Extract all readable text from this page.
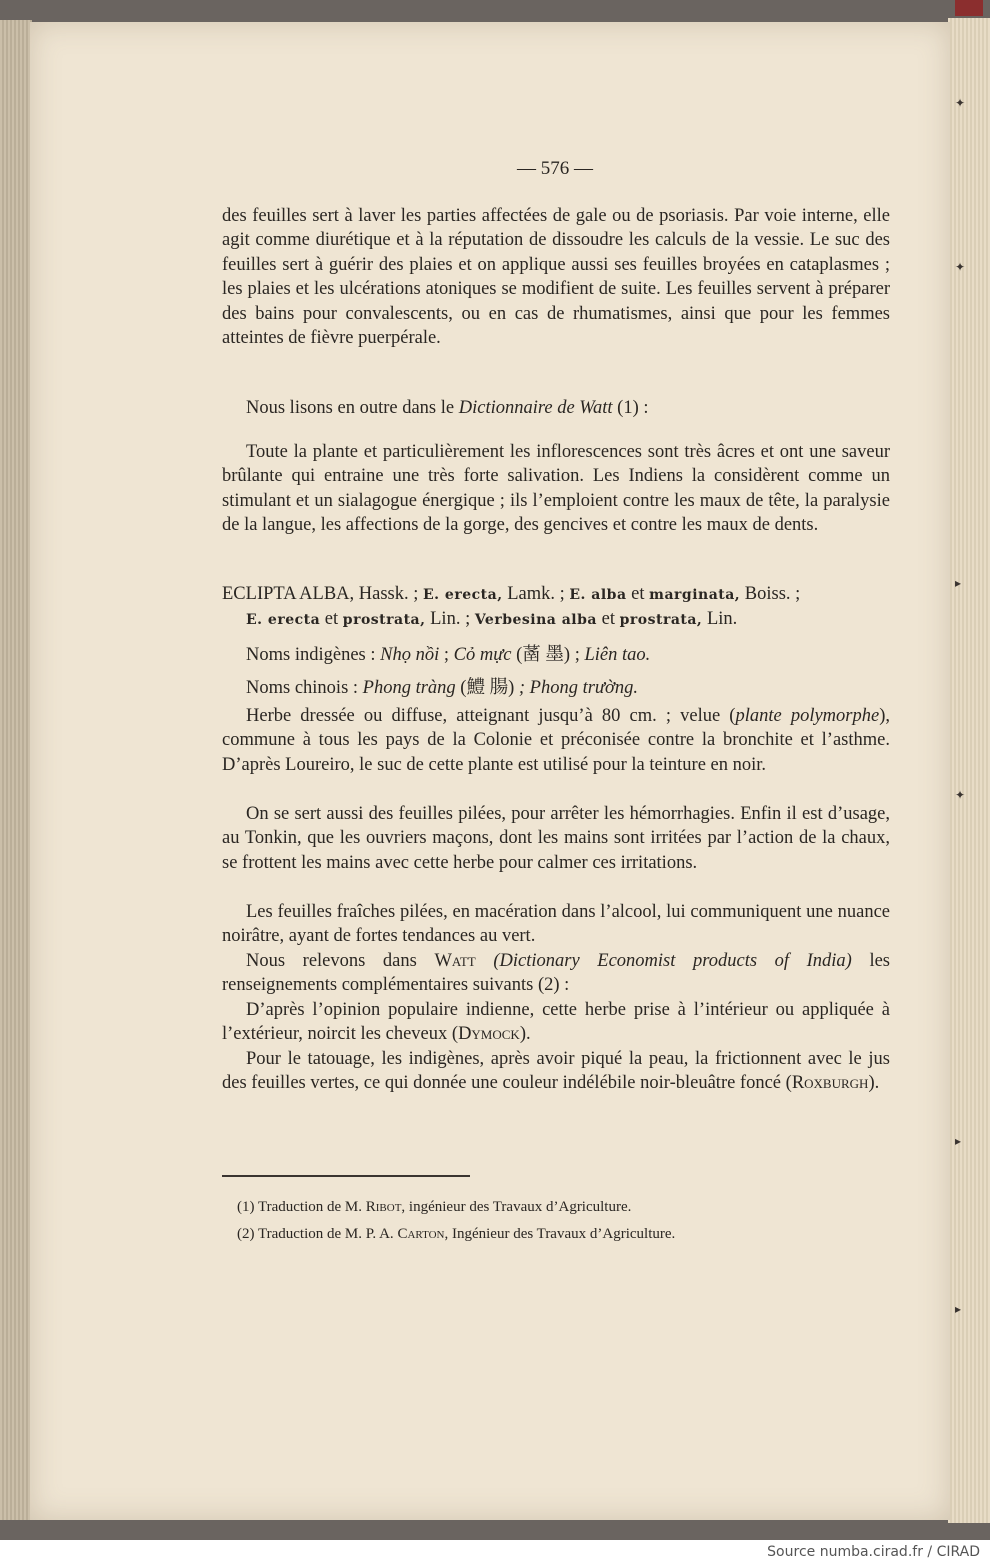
✦
✦
▸
✦
▸
▸
— 576 —

des feuilles sert à laver les parties affectées de gale ou de psoriasis. Par voie interne, elle agit comme diurétique et à la réputation de dissoudre les calculs de la vessie. Le suc des feuilles sert à guérir des plaies et on applique aussi ses feuilles broyées en cataplasmes ; les plaies et les ulcérations atoniques se modifient de suite. Les feuilles servent à préparer des bains pour convalescents, ou en cas de rhumatismes, ainsi que pour les femmes atteintes de fièvre puerpérale.

Nous lisons en outre dans le Dictionnaire de Watt (1) :

Toute la plante et particulièrement les inflorescences sont très âcres et ont une saveur brûlante qui entraine une très forte salivation. Les Indiens la considèrent comme un stimulant et un sialagogue énergique ; ils l’emploient contre les maux de tête, la paralysie de la langue, les affections de la gorge, des gencives et contre les maux de dents.

ECLIPTA ALBA, Hassk. ; E. erecta, Lamk. ; E. alba et marginata, Boiss. ;
E. erecta et prostrata, Lin. ; Verbesina alba et prostrata, Lin.
Noms indigènes : Nhọ nồi ; Cỏ mực (䓿 墨) ; Liên tao.
Noms chinois : Phong tràng (鱧 腸) ; Phong trường.

Herbe dressée ou diffuse, atteignant jusqu’à 80 cm. ; velue (plante polymorphe), commune à tous les pays de la Colonie et préconisée contre la bronchite et l’asthme. D’après Loureiro, le suc de cette plante est utilisé pour la teinture en noir.

On se sert aussi des feuilles pilées, pour arrêter les hémorrhagies. Enfin il est d’usage, au Tonkin, que les ouvriers maçons, dont les mains sont irritées par l’action de la chaux, se frottent les mains avec cette herbe pour calmer ces irritations.

Les feuilles fraîches pilées, en macération dans l’alcool, lui communiquent une nuance noirâtre, ayant de fortes tendances au vert.

Nous relevons dans Watt (Dictionary Economist products of India) les renseignements complémentaires suivants (2) :

D’après l’opinion populaire indienne, cette herbe prise à l’intérieur ou appliquée à l’extérieur, noircit les cheveux (Dymock).

Pour le tatouage, les indigènes, après avoir piqué la peau, la frictionnent avec le jus des feuilles vertes, ce qui donnée une couleur indélébile noir-bleuâtre foncé (Roxburgh).

(1) Traduction de M. Ribot, ingénieur des Travaux d’Agriculture.
(2) Traduction de M. P. A. Carton, Ingénieur des Travaux d’Agriculture.
Source numba.cirad.fr / CIRAD
